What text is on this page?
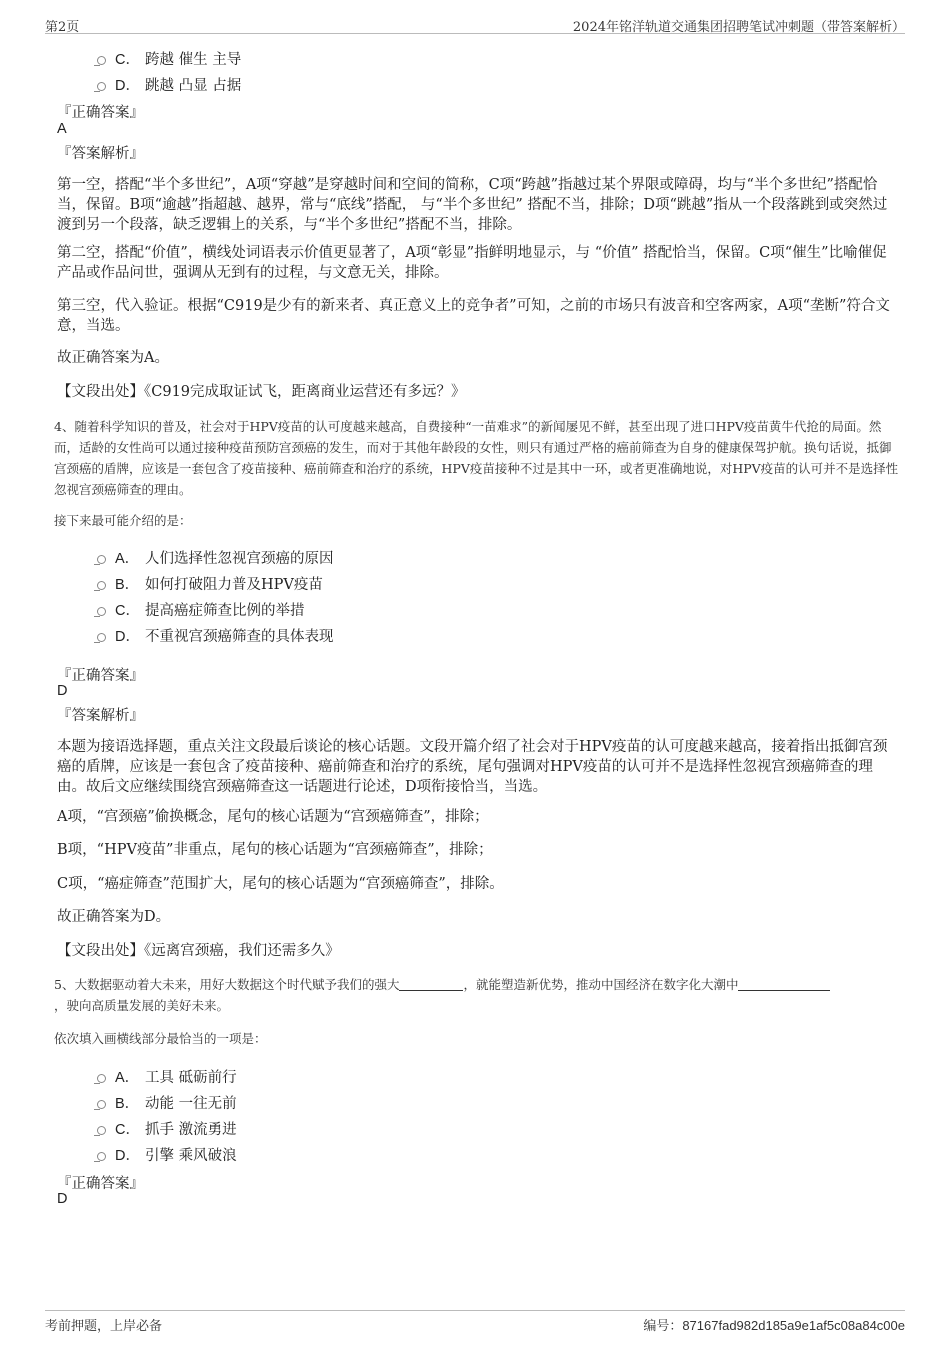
第2页	2024年铭洋轨道交通集团招聘笔试冲刺题（带答案解析）
C． 跨越 催生 主导
D． 跳越 凸显 占据
『正确答案』
A
『答案解析』
第一空，搭配“半个多世纪”，A项“穿越”是穿越时间和空间的简称，C项“跨越”指越过某个界限或障碍，均与“半个多世纪”搭配恰当，保留。B项“逾越”指超越、越界，常与“底线”搭配， 与“半个多世纪” 搭配不当，排除；D项“跳越”指从一个段落跳到或突然过渡到另一个段落，缺乏逻辑上的关系，与“半个多世纪”搭配不当，排除。
第二空，搭配“价值”，横线处词语表示价值更显著了，A项“彰显”指鲜明地显示，与 “价值” 搭配恰当，保留。C项“催生”比喻催促产品或作品问世，强调从无到有的过程，与文意无关，排除。
第三空，代入验证。根据“C919是少有的新来者、真正意义上的竞争者”可知，之前的市场只有波音和空客两家，A项“垄断”符合文意，当选。
故正确答案为A。
【文段出处】《C919完成取证试飞，距离商业运营还有多远？》
4、随着科学知识的普及，社会对于HPV疫苗的认可度越来越高，自费接种“一苗难求”的新闻屡见不鲜，甚至出现了进口HPV疫苗黄牛代抢的局面。然而，适龄的女性尚可以通过接种疫苗预防宫颈癌的发生，而对于其他年龄段的女性，则只有通过严格的癌前筛查为自身的健康保驾护航。换句话说，抵御宫颈癌的盾牌，应该是一套包含了疫苗接种、癌前筛查和治疗的系统，HPV疫苗接种不过是其中一环，或者更准确地说，对HPV疫苗的认可并不是选择性忽视宫颈癌筛查的理由。
接下来最可能介绍的是：
A． 人们选择性忽视宫颈癌的原因
B． 如何打破阻力普及HPV疫苗
C． 提高癌症筛查比例的举措
D． 不重视宫颈癌筛查的具体表现
『正确答案』
D
『答案解析』
本题为接语选择题，重点关注文段最后谈论的核心话题。文段开篇介绍了社会对于HPV疫苗的认可度越来越高，接着指出抵御宫颈癌的盾牌，应该是一套包含了疫苗接种、癌前筛查和治疗的系统，尾句强调对HPV疫苗的认可并不是选择性忽视宫颈癌筛查的理由。故后文应继续围绕宫颈癌筛查这一话题进行论述，D项衔接恰当，当选。
A项，“宫颈癌”偷换概念，尾句的核心话题为“宫颈癌筛查”，排除；
B项，“HPV疫苗”非重点，尾句的核心话题为“宫颈癌筛查”，排除；
C项，“癌症筛查”范围扩大，尾句的核心话题为“宫颈癌筛查”，排除。
故正确答案为D。
【文段出处】《远离宫颈癌，我们还需多久》
5、大数据驱动着大未来，用好大数据这个时代赋予我们的强大	，就能塑造新优势，推动中国经济在数字化大潮中
，驶向高质量发展的美好未来。
依次填入画横线部分最恰当的一项是：
A． 工具 砥砺前行
B． 动能 一往无前
C． 抓手 激流勇进
D． 引擎 乘风破浪
『正确答案』
D
考前押题，上岸必备	编号：87167fad982d185a9e1af5c08a84c00e
